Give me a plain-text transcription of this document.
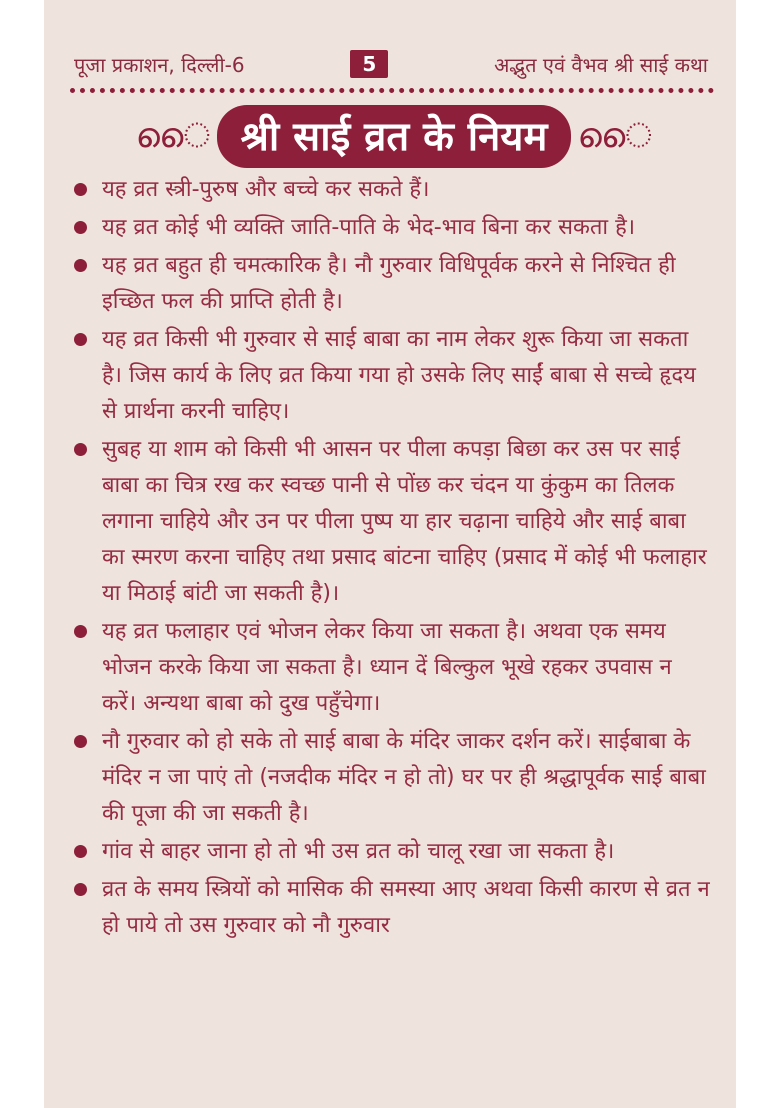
पूजा प्रकाशन, दिल्ली-6	5	अद्भुत एवं वैभव श्री साई कथा
ൈ श्री साई व्रत के नियम ൈ
यह व्रत स्त्री-पुरुष और बच्चे कर सकते हैं।
यह व्रत कोई भी व्यक्ति जाति-पाति के भेद-भाव बिना कर सकता है।
यह व्रत बहुत ही चमत्कारिक है। नौ गुरुवार विधिपूर्वक करने से निश्चित ही इच्छित फल की प्राप्ति होती है।
यह व्रत किसी भी गुरुवार से साई बाबा का नाम लेकर शुरू किया जा सकता है। जिस कार्य के लिए व्रत किया गया हो उसके लिए साईं बाबा से सच्चे हृदय से प्रार्थना करनी चाहिए।
सुबह या शाम को किसी भी आसन पर पीला कपड़ा बिछा कर उस पर साई बाबा का चित्र रख कर स्वच्छ पानी से पोंछ कर चंदन या कुंकुम का तिलक लगाना चाहिये और उन पर पीला पुष्प या हार चढ़ाना चाहिये और साई बाबा का स्मरण करना चाहिए तथा प्रसाद बांटना चाहिए (प्रसाद में कोई भी फलाहार या मिठाई बांटी जा सकती है)।
यह व्रत फलाहार एवं भोजन लेकर किया जा सकता है। अथवा एक समय भोजन करके किया जा सकता है। ध्यान दें बिल्कुल भूखे रहकर उपवास न करें। अन्यथा बाबा को दुख पहुँचेगा।
नौ गुरुवार को हो सके तो साई बाबा के मंदिर जाकर दर्शन करें। साईबाबा के मंदिर न जा पाएं तो (नजदीक मंदिर न हो तो) घर पर ही श्रद्धापूर्वक साई बाबा की पूजा की जा सकती है।
गांव से बाहर जाना हो तो भी उस व्रत को चालू रखा जा सकता है।
व्रत के समय स्त्रियों को मासिक की समस्या आए अथवा किसी कारण से व्रत न हो पाये तो उस गुरुवार को नौ गुरुवार
